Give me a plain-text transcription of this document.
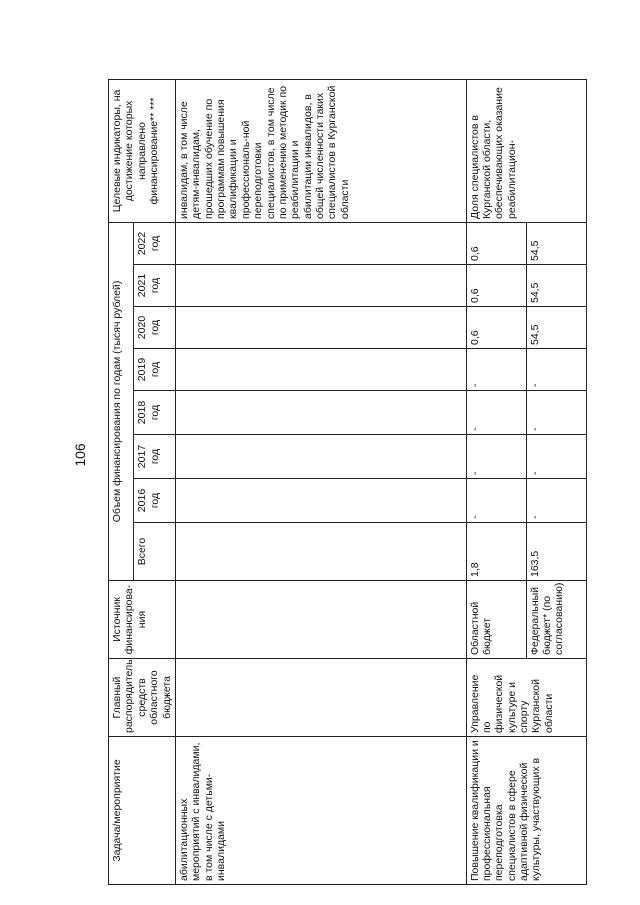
106
Задача/мероприятие	Главный распорядитель средств областного бюджета	Источник финансирова-ния	Объем финансирования по годам (тысяч рублей)								Целевые индикаторы, на достижение которых направлено финансирование** ***
			Всего	2016 год	2017 год	2018 год	2019 год	2020 год	2021 год	2022 год	
абилитационных мероприятий с инвалидами, в том числе с детьми-инвалидами											инвалидам, в том числе детям-инвалидам, прошедших обучение по программам повышения квалификации и профессиональ-ной переподготовки специалистов, в том числе по применению методик по реабилитации и абилитации инвалидов, в общей численности таких специалистов в Курганской области
Повышение квалификации и профессиональная переподготовка специалистов в сфере адаптивной физической культуры, участвующих в	Управление по физической культуре и спорту Курганской области	Областной бюджет	1,8	-	-	-	-	0,6	0,6	0,6	Доля специалистов в Курганской области, обеспечивающих оказание реабилитацион-
		Федеральный бюджет* (по согласованию)	163,5	-	-	-	-	54,5	54,5	54,5	
